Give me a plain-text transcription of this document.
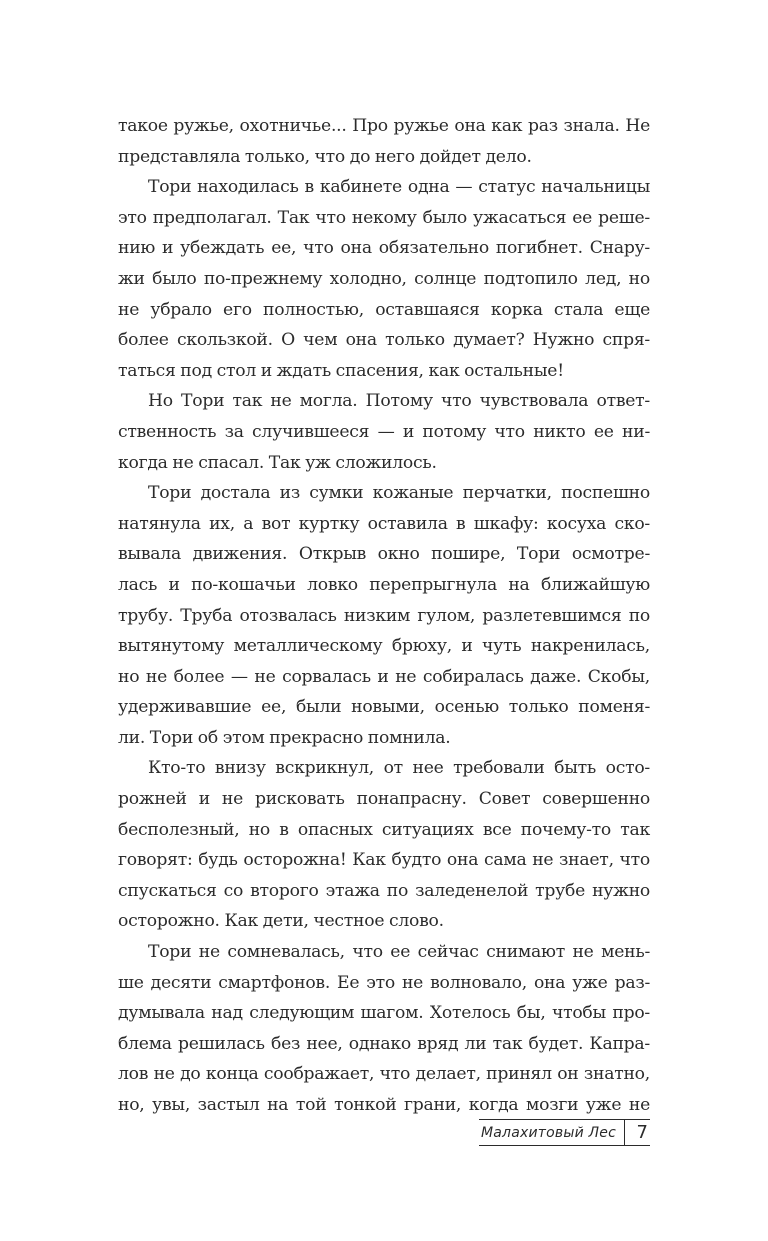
такое ружье, охотничье... Про ружье она как раз знала. Не
представляла только, что до него дойдет дело.
Тори находилась в кабинете одна — статус начальницы
это предполагал. Так что некому было ужасаться ее реше-
нию и убеждать ее, что она обязательно погибнет. Снару-
жи было по-прежнему холодно, солнце подтопило лед, но
не убрало его полностью, оставшаяся корка стала еще
более скользкой. О чем она только думает? Нужно спря-
таться под стол и ждать спасения, как остальные!
Но Тори так не могла. Потому что чувствовала ответ-
ственность за случившееся — и потому что никто ее ни-
когда не спасал. Так уж сложилось.
Тори достала из сумки кожаные перчатки, поспешно
натянула их, а вот куртку оставила в шкафу: косуха ско-
вывала движения. Открыв окно пошире, Тори осмотре-
лась и по-кошачьи ловко перепрыгнула на ближайшую
трубу. Труба отозвалась низким гулом, разлетевшимся по
вытянутому металлическому брюху, и чуть накренилась,
но не более — не сорвалась и не собиралась даже. Скобы,
удерживавшие ее, были новыми, осенью только поменя-
ли. Тори об этом прекрасно помнила.
Кто-то внизу вскрикнул, от нее требовали быть осто-
рожней и не рисковать понапрасну. Совет совершенно
бесполезный, но в опасных ситуациях все почему-то так
говорят: будь осторожна! Как будто она сама не знает, что
спускаться со второго этажа по заледенелой трубе нужно
осторожно. Как дети, честное слово.
Тори не сомневалась, что ее сейчас снимают не мень-
ше десяти смартфонов. Ее это не волновало, она уже раз-
думывала над следующим шагом. Хотелось бы, чтобы про-
блема решилась без нее, однако вряд ли так будет. Капра-
лов не до конца соображает, что делает, принял он знатно,
но, увы, застыл на той тонкой грани, когда мозги уже не
Малахитовый Лес	7
